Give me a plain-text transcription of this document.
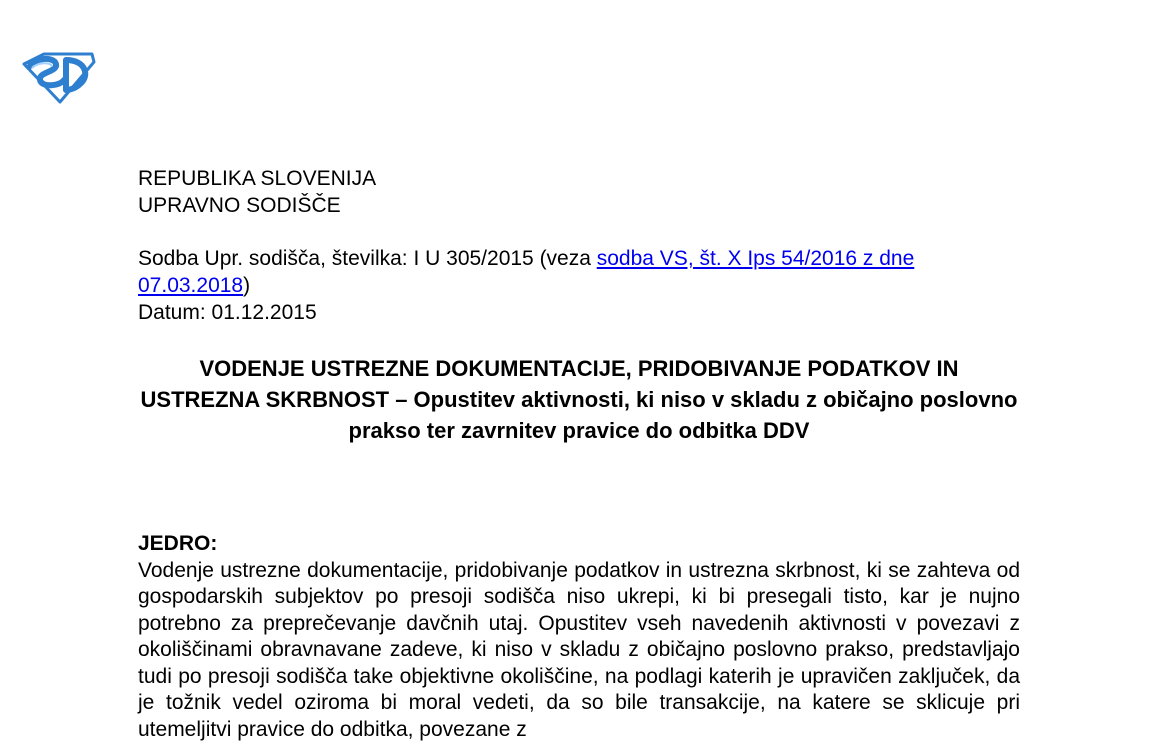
REPUBLIKA SLOVENIJA
UPRAVNO SODIŠČE
Sodba Upr. sodišča, številka: I U 305/2015 (veza sodba VS, št. X Ips 54/2016 z dne 07.03.2018)
Datum: 01.12.2015
VODENJE USTREZNE DOKUMENTACIJE, PRIDOBIVANJE PODATKOV IN USTREZNA SKRBNOST – Opustitev aktivnosti, ki niso v skladu z običajno poslovno prakso ter zavrnitev pravice do odbitka DDV
JEDRO:
Vodenje ustrezne dokumentacije, pridobivanje podatkov in ustrezna skrbnost, ki se zahteva od gospodarskih subjektov po presoji sodišča niso ukrepi, ki bi presegali tisto, kar je nujno potrebno za preprečevanje davčnih utaj. Opustitev vseh navedenih aktivnosti v povezavi z okoliščinami obravnavane zadeve, ki niso v skladu z običajno poslovno prakso, predstavljajo tudi po presoji sodišča take objektivne okoliščine, na podlagi katerih je upravičen zaključek, da je tožnik vedel oziroma bi moral vedeti, da so bile transakcije, na katere se sklicuje pri utemeljitvi pravice do odbitka, povezane z
